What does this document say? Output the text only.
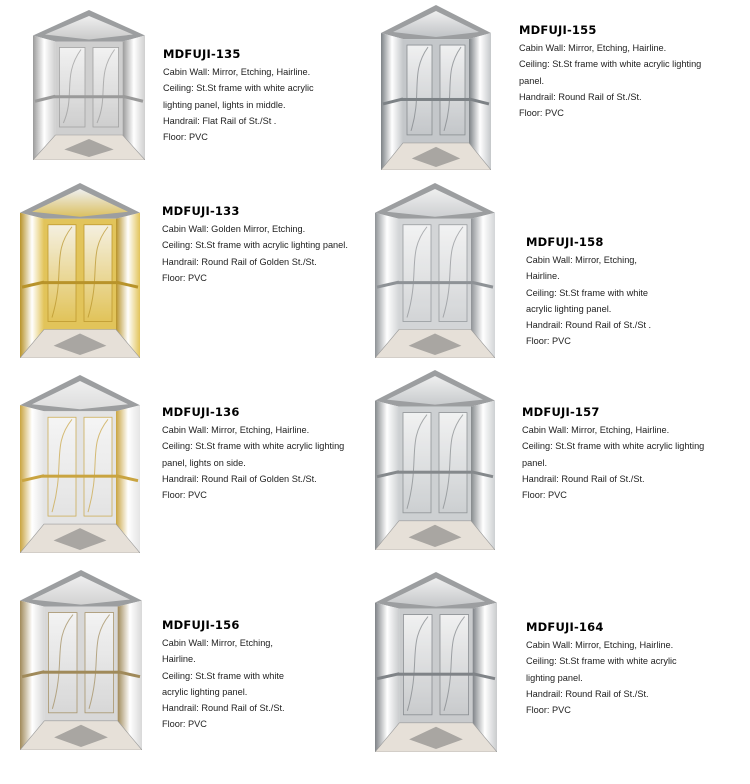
MDFUJI-135
Cabin Wall: Mirror, Etching, Hairline.
Ceiling: St.St frame with white acrylic
lighting panel, lights in middle.
Handrail: Flat Rail of St./St .
Floor: PVC
MDFUJI-155
Cabin Wall: Mirror, Etching, Hairline.
Ceiling: St.St frame with white acrylic lighting
panel.
Handrail: Round Rail of St./St.
Floor: PVC
MDFUJI-133
Cabin Wall: Golden Mirror, Etching.
Ceiling: St.St frame with acrylic lighting panel.
Handrail: Round Rail of Golden St./St.
Floor: PVC
MDFUJI-158
Cabin Wall: Mirror, Etching,
Hairline.
Ceiling: St.St frame with white
acrylic lighting panel.
Handrail: Round Rail of St./St .
Floor: PVC
MDFUJI-136
Cabin Wall: Mirror, Etching, Hairline.
Ceiling: St.St frame with white acrylic lighting
panel, lights on side.
Handrail: Round Rail of Golden St./St.
Floor: PVC
MDFUJI-157
Cabin Wall: Mirror, Etching, Hairline.
Ceiling: St.St frame with white acrylic lighting
panel.
Handrail: Round Rail of St./St.
Floor: PVC
MDFUJI-156
Cabin Wall: Mirror, Etching,
Hairline.
Ceiling: St.St frame with white
acrylic lighting panel.
Handrail: Round Rail of St./St.
Floor: PVC
MDFUJI-164
Cabin Wall: Mirror, Etching, Hairline.
Ceiling: St.St frame with white acrylic
lighting panel.
Handrail: Round Rail of St./St.
Floor: PVC
